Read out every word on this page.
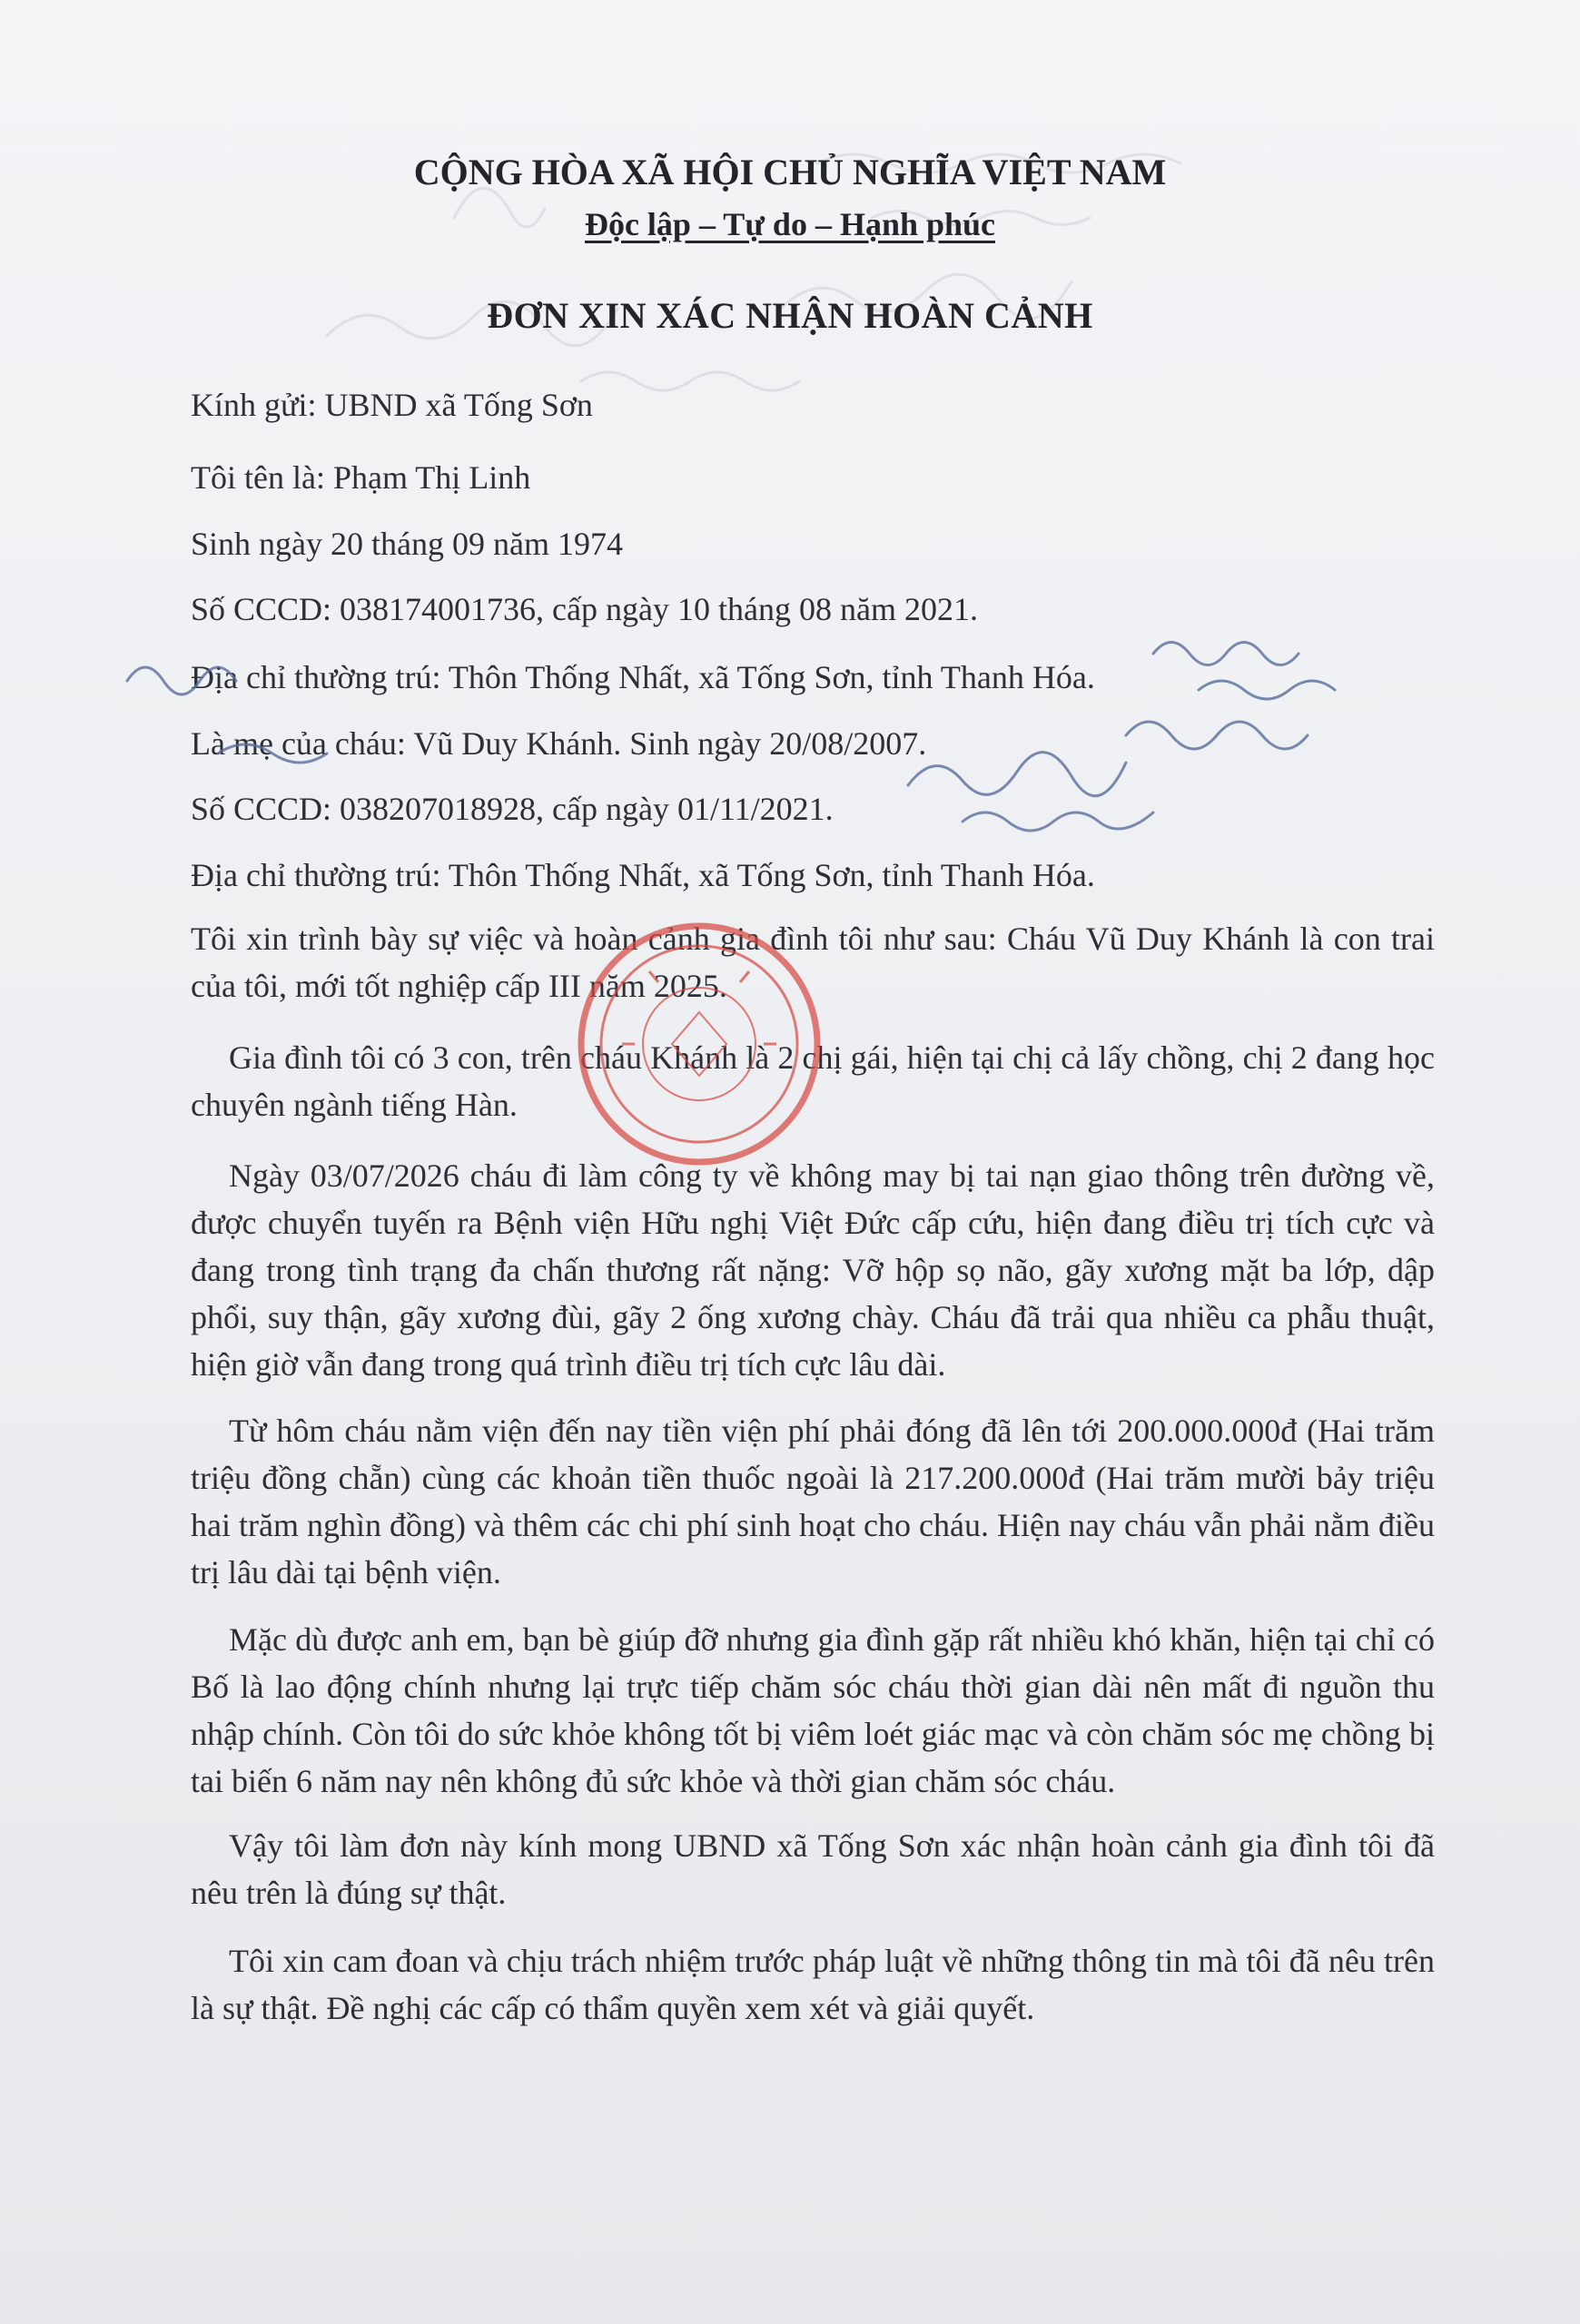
CỘNG HÒA XÃ HỘI CHỦ NGHĨA VIỆT NAM
Độc lập – Tự do – Hạnh phúc
ĐƠN XIN XÁC NHẬN HOÀN CẢNH
Kính gửi: UBND xã Tống Sơn
Tôi tên là: Phạm Thị Linh
Sinh ngày 20 tháng 09 năm 1974
Số CCCD: 038174001736, cấp ngày 10 tháng 08 năm 2021.
Địa chỉ thường trú: Thôn Thống Nhất, xã Tống Sơn, tỉnh Thanh Hóa.
Là mẹ của cháu: Vũ Duy Khánh. Sinh ngày 20/08/2007.
Số CCCD: 038207018928, cấp ngày 01/11/2021.
Địa chỉ thường trú: Thôn Thống Nhất, xã Tống Sơn, tỉnh Thanh Hóa.
Tôi xin trình bày sự việc và hoàn cảnh gia đình tôi như sau: Cháu Vũ Duy Khánh là con trai của tôi, mới tốt nghiệp cấp III năm 2025.
Gia đình tôi có 3 con, trên cháu Khánh là 2 chị gái, hiện tại chị cả lấy chồng, chị 2 đang học chuyên ngành tiếng Hàn.
Ngày 03/07/2026 cháu đi làm công ty về không may bị tai nạn giao thông trên đường về, được chuyển tuyến ra Bệnh viện Hữu nghị Việt Đức cấp cứu, hiện đang điều trị tích cực và đang trong tình trạng đa chấn thương rất nặng: Vỡ hộp sọ não, gãy xương mặt ba lớp, dập phổi, suy thận, gãy xương đùi, gãy 2 ống xương chày. Cháu đã trải qua nhiều ca phẫu thuật, hiện giờ vẫn đang trong quá trình điều trị tích cực lâu dài.
Từ hôm cháu nằm viện đến nay tiền viện phí phải đóng đã lên tới 200.000.000đ (Hai trăm triệu đồng chẵn) cùng các khoản tiền thuốc ngoài là 217.200.000đ (Hai trăm mười bảy triệu hai trăm nghìn đồng) và thêm các chi phí sinh hoạt cho cháu. Hiện nay cháu vẫn phải nằm điều trị lâu dài tại bệnh viện.
Mặc dù được anh em, bạn bè giúp đỡ nhưng gia đình gặp rất nhiều khó khăn, hiện tại chỉ có Bố là lao động chính nhưng lại trực tiếp chăm sóc cháu thời gian dài nên mất đi nguồn thu nhập chính. Còn tôi do sức khỏe không tốt bị viêm loét giác mạc và còn chăm sóc mẹ chồng bị tai biến 6 năm nay nên không đủ sức khỏe và thời gian chăm sóc cháu.
Vậy tôi làm đơn này kính mong UBND xã Tống Sơn xác nhận hoàn cảnh gia đình tôi đã nêu trên là đúng sự thật.
Tôi xin cam đoan và chịu trách nhiệm trước pháp luật về những thông tin mà tôi đã nêu trên là sự thật. Đề nghị các cấp có thẩm quyền xem xét và giải quyết.
